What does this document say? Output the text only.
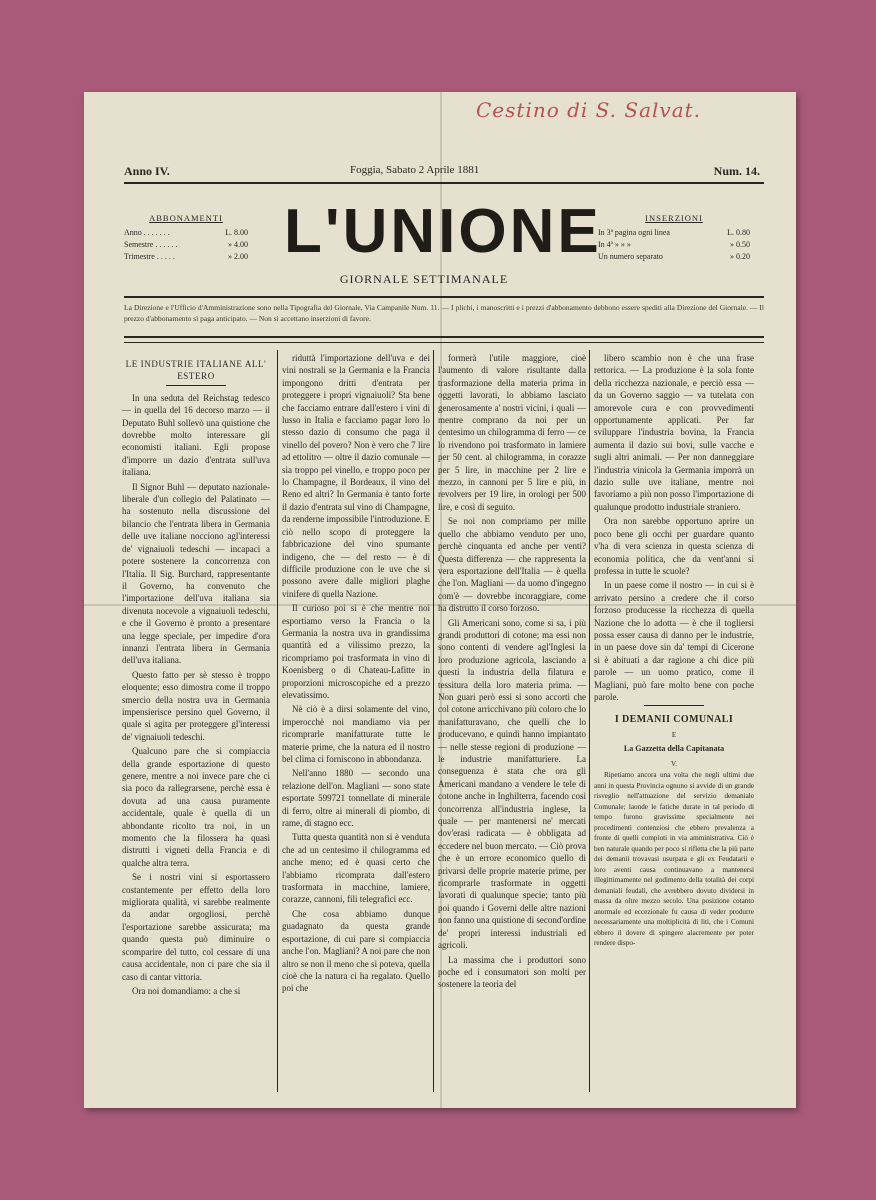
Cestino di S. Salvat.
Anno IV.	Foggia, Sabato 2 Aprile 1881	Num. 14.
ABBONAMENTI
Anno . . . . . . .	L. 8.00
Semestre . . . . . .	» 4.00
Trimestre . . . . .	» 2.00 L'UNIONE
GIORNALE SETTIMANALE
INSERZIONI
In 3ª pagina ogni linea	L. 0.80
In 4ª » » »	» 0.50
Un numero separato	» 0.20
La Direzione e l'Ufficio d'Amministrazione sono nella Tipografia del Giornale, Via Campanile Num. 11. — I plichi, i manoscritti e i prezzi d'abbonamento debbono essere spediti alla Direzione del Giornale. — Il prezzo d'abbonamento si paga anticipato. — Non si accettano inserzioni di favore.
LE INDUSTRIE ITALIANE ALL' ESTERO

In una seduta del Reichstag tedesco — in quella del 16 decorso marzo — il Deputato Buhl sollevò una quistione che dovrebbe molto interessare gli economisti italiani. Egli propose d'imporre un dazio d'entrata sull'uva italiana.

Il Signor Buhl — deputato nazionale-liberale d'un collegio del Palatinato — ha sostenuto nella discussione del bilancio che l'entrata libera in Germania delle uve italiane nocciono agl'interessi de' vignaiuoli tedeschi — incapaci a potere sostenere la concorrenza con l'Italia. Il Sig. Burchard, rappresentante il Governo, ha convenuto che l'importazione dell'uva italiana sia divenuta nocevole a vignaiuoli tedeschi, e che il Governo è pronto a presentare una legge speciale, per impedire d'ora innanzi l'entrata libera in Germania dell'uva italiana.

Questo fatto per sè stesso è troppo eloquente; esso dimostra come il troppo smercio della nostra uva in Germania impensierisce persino quel Governo, il quale si agita per proteggere gl'interessi de' vignaiuoli tedeschi.

Qualcuno pare che si compiaccia della grande esportazione di questo genere, mentre a noi invece pare che ci sia poco da rallegrarsene, perchè essa è dovuta ad una causa puramente accidentale, quale è quella di un abbondante ricolto tra noi, in un momento che la filossera ha quasi distrutti i vigneti della Francia e di qualche altra terra.

Se i nostri vini si esportassero costantemente per effetto della loro migliorata qualità, vi sarebbe realmente da andar orgogliosi, perchè l'esportazione sarebbe assicurata; ma quando questa può diminuire o scomparire del tutto, col cessare di una causa accidentale, non ci pare che sia il caso di cantar vittoria.

Ora noi domandiamo: a che si

riduttà l'importazione dell'uva e dei vini nostrali se la Germania e la Francia impongono dritti d'entrata per proteggere i propri vignaiuoli? Sta bene che facciamo entrare dall'estero i vini di lusso in Italia e facciamo pagar loro lo stesso dazio di consumo che paga il vinello del povero? Non è vero che 7 lire ad ettolitro — oltre il dazio comunale — sia troppo pel vinello, e troppo poco per lo Champagne, il Bordeaux, il vino del Reno ed altri? In Germania è tanto forte il dazio d'entrata sul vino di Champagne, da renderne impossibile l'introduzione. E ciò nello scopo di proteggere la fabbricazione del vino spumante indigeno, che — del resto — è di difficile produzione con le uve che si possono avere dalle migliori plaghe vinifere di quella Nazione.

Il curioso poi si è che mentre noi esportiamo verso la Francia o la Germania la nostra uva in grandissima quantità ed a vilissimo prezzo, la ricompriamo poi trasformata in vino di Koenisberg o di Chateau-Lafitte in proporzioni microscopiche ed a prezzo elevatissimo.

Nè ciò è a dirsi solamente del vino, imperocchè noi mandiamo via per ricomprarle manifatturate tutte le materie prime, che la natura ed il nostro bel clima ci forniscono in abbondanza.

Nell'anno 1880 — secondo una relazione dell'on. Magliani — sono state esportate 599721 tonnellate di minerale di ferro, oltre ai minerali di piombo, di rame, di stagno ecc.

Tutta questa quantità non si è venduta che ad un centesimo il chilogramma ed anche meno; ed è quasi certo che l'abbiamo ricomprata dall'estero trasformata in macchine, lamiere, corazze, cannoni, fili telegrafici ecc.

Che cosa abbiamo dunque guadagnato da questa grande esportazione, di cui pare si compiaccia anche l'on. Magliani? A noi pare che non altro se non il meno che si poteva, quella cioè che la natura ci ha regalato. Quello poi che

formerà l'utile maggiore, cioè l'aumento di valore risultante dalla trasformazione della materia prima in oggetti lavorati, lo abbiamo lasciato generosamente a' nostri vicini, i quali — mentre comprano da noi per un centesimo un chilogramma di ferro — ce lo rivendono poi trasformato in lamiere per 50 cent. al chilogramma, in corazze per 5 lire, in macchine per 2 lire e mezzo, in cannoni per 5 lire e più, in revolvers per 19 lire, in orologi per 500 lire, e così di seguito.

Se noi non compriamo per mille quello che abbiamo venduto per uno, perchè cinquanta ed anche per venti? Questa differenza — che rappresenta la vera esportazione dell'Italia — è quella che l'on. Magliani — da uomo d'ingegno com'è — dovrebbe incoraggiare, come ha distrutto il corso forzoso.

Gli Americani sono, come si sa, i più grandi produttori di cotone; ma essi non sono contenti di vendere agl'Inglesi la loro produzione agricola, lasciando a questi la industria della filatura e tessitura della loro materia prima. — Non guari però essi si sono accorti che col cotone arricchivano più coloro che lo manifatturavano, che quelli che lo producevano, e quindi hanno impiantato — nelle stesse regioni di produzione — le industrie manifatturiere. La conseguenza è stata che ora gli Americani mandano a vendere le tele di cotone anche in Inghilterra, facendo così concorrenza all'industria inglese, la quale — per mantenersi ne' mercati dov'erasi radicata — è obbligata ad eccedere nel buon mercato. — Ciò prova che è un errore economico quello di privarsi delle proprie materie prime, per ricomprarle trasformate in oggetti lavorati di qualunque specie; tanto più poi quando i Governi delle altre nazioni non fanno una quistione di second'ordine de' propri interessi industriali ed agricoli.

La massima che i produttori sono poche ed i consumatori son molti per sostenere la teoria del

libero scambio non è che una frase rettorica. — La produzione è la sola fonte della ricchezza nazionale, e perciò essa — da un Governo saggio — va tutelata con amorevole cura e con provvedimenti opportunamente applicati. Per far sviluppare l'industria bovina, la Francia aumenta il dazio sui bovi, sulle vacche e sugli altri animali. — Per non danneggiare l'industria vinicola la Germania imporrà un dazio sulle uve italiane, mentre noi favoriamo a più non posso l'importazione di qualunque prodotto industriale straniero.

Ora non sarebbe opportuno aprire un poco bene gli occhi per guardare quanto v'ha di vera scienza in questa scienza di economia politica, che da vent'anni si professa in tutte le scuole?

In un paese come il nostro — in cui si è arrivato persino a credere che il corso forzoso producesse la ricchezza di quella Nazione che lo adotta — è che il togliersi possa esser causa di danno per le industrie, in un paese dove sin da' tempi di Cicerone si è abituati a dar ragione a chi dice più parole — un uomo pratico, come il Magliani, può fare molto bene con poche parole.

I DEMANII COMUNALI
E
La Gazzetta della Capitanata
V.

Ripetiamo ancora una volta che negli ultimi due anni in questa Provincia ognuno si avvide di un grande risveglio nell'attuazione del servizio demaniale Comunale; laonde le fatiche durate in tal periodo di tempo furono gravissime specialmente nei procedimenti contenziosi che ebbero prevalenza a fronte di quelli compiuti in via amministrativa. Ciò è ben naturale quando per poco si rifletta che la più parte dei demanii trovavasi usurpata e gli ex Feudatarii e loro aventi causa continuavano a mantenersi illegittimamente nel godimento della totalità dei corpi demaniali feudali, che avrebbero dovuto dividersi in massa da oltre mezzo secolo. Una posizione cotanto anormale ed eccezionale fu causa di veder produrre necessariamente una moltiplicità di liti, che i Comuni ebbero il dovere di spingere alacremente per poter rendere dispo-
